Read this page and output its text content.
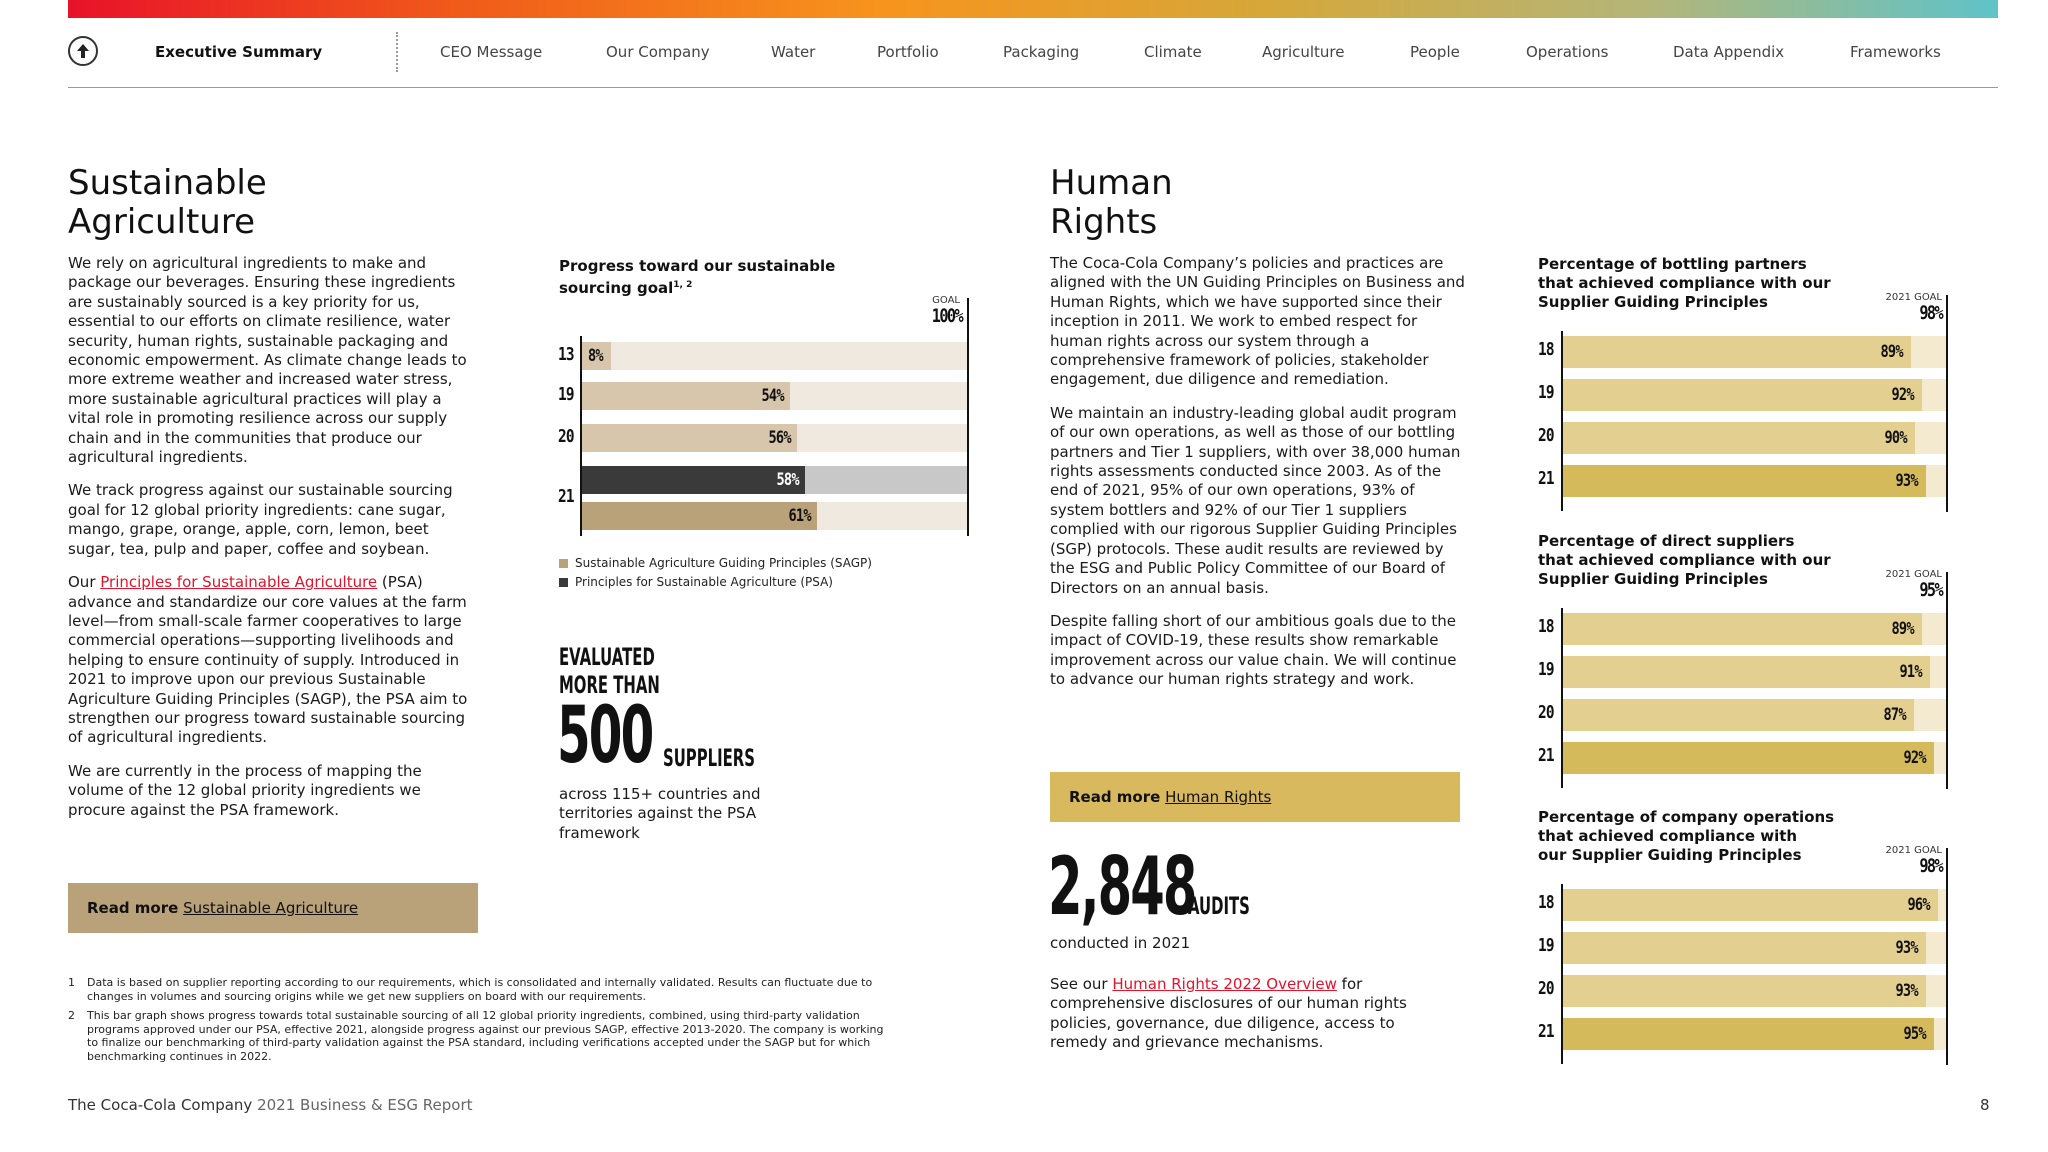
Executive Summary	CEO Message	Our Company	Water	Portfolio	Packaging	Climate	Agriculture	People	Operations	Data Appendix	Frameworks
Sustainable
Agriculture

We rely on agricultural ingredients to make and package our beverages. Ensuring these ingredients are sustainably sourced is a key priority for us, essential to our efforts on climate resilience, water security, human rights, sustainable packaging and economic empowerment. As climate change leads to more extreme weather and increased water stress, more sustainable agricultural practices will play a vital role in promoting resilience across our supply chain and in the communities that produce our agricultural ingredients.

We track progress against our sustainable sourcing goal for 12 global priority ingredients: cane sugar, mango, grape, orange, apple, corn, lemon, beet sugar, tea, pulp and paper, coffee and soybean.

Our Principles for Sustainable Agriculture (PSA) advance and standardize our core values at the farm level—from small-scale farmer cooperatives to large commercial operations—supporting livelihoods and helping to ensure continuity of supply. Introduced in 2021 to improve upon our previous Sustainable Agriculture Guiding Principles (SAGP), the PSA aim to strengthen our progress toward sustainable sourcing of agricultural ingredients.

We are currently in the process of mapping the volume of the 12 global priority ingredients we procure against the PSA framework.

Read more Sustainable Agriculture
Progress toward our sustainable sourcing goal$^{1, 2}$
GOAL
100%
13
19
20
21
8%
54%
56%
58%
61%
Sustainable Agriculture Guiding Principles (SAGP)
Principles for Sustainable Agriculture (PSA)
EVALUATED
MORE THAN
500 SUPPLIERS
across 115+ countries and territories against the PSA framework
1	Data is based on supplier reporting according to our requirements, which is consolidated and internally validated. Results can fluctuate due to changes in volumes and sourcing origins while we get new suppliers on board with our requirements.
2	This bar graph shows progress towards total sustainable sourcing of all 12 global priority ingredients, combined, using third-party validation programs approved under our PSA, effective 2021, alongside progress against our previous SAGP, effective 2013-2020. The company is working to finalize our benchmarking of third-party validation against the PSA standard, including verifications accepted under the SAGP but for which benchmarking continues in 2022.
Human
Rights

The Coca-Cola Company’s policies and practices are aligned with the UN Guiding Principles on Business and Human Rights, which we have supported since their inception in 2011. We work to embed respect for human rights across our system through a comprehensive framework of policies, stakeholder engagement, due diligence and remediation.

We maintain an industry-leading global audit program of our own operations, as well as those of our bottling partners and Tier 1 suppliers, with over 38,000 human rights assessments conducted since 2003. As of the end of 2021, 95% of our own operations, 93% of system bottlers and 92% of our Tier 1 suppliers complied with our rigorous Supplier Guiding Principles (SGP) protocols. These audit results are reviewed by the ESG and Public Policy Committee of our Board of Directors on an annual basis.

Despite falling short of our ambitious goals due to the impact of COVID-19, these results show remarkable improvement across our value chain. We will continue to advance our human rights strategy and work.

Read more Human Rights
2,848
AUDITS
conducted in 2021
See our Human Rights 2022 Overview for comprehensive disclosures of our human rights policies, governance, due diligence, access to remedy and grievance mechanisms.
Percentage of bottling partners
that achieved compliance with our
Supplier Guiding Principles	2021 GOAL
98%
18	89%
19	92%
20	90%
21	93%
Percentage of direct suppliers
that achieved compliance with our
Supplier Guiding Principles	2021 GOAL
95%
18	89%
19	91%
20	87%
21	92%
Percentage of company operations
that achieved compliance with
our Supplier Guiding Principles	2021 GOAL
98%
18	96%
19	93%
20	93%
21	95%
The Coca-Cola Company 2021 Business & ESG Report	8
